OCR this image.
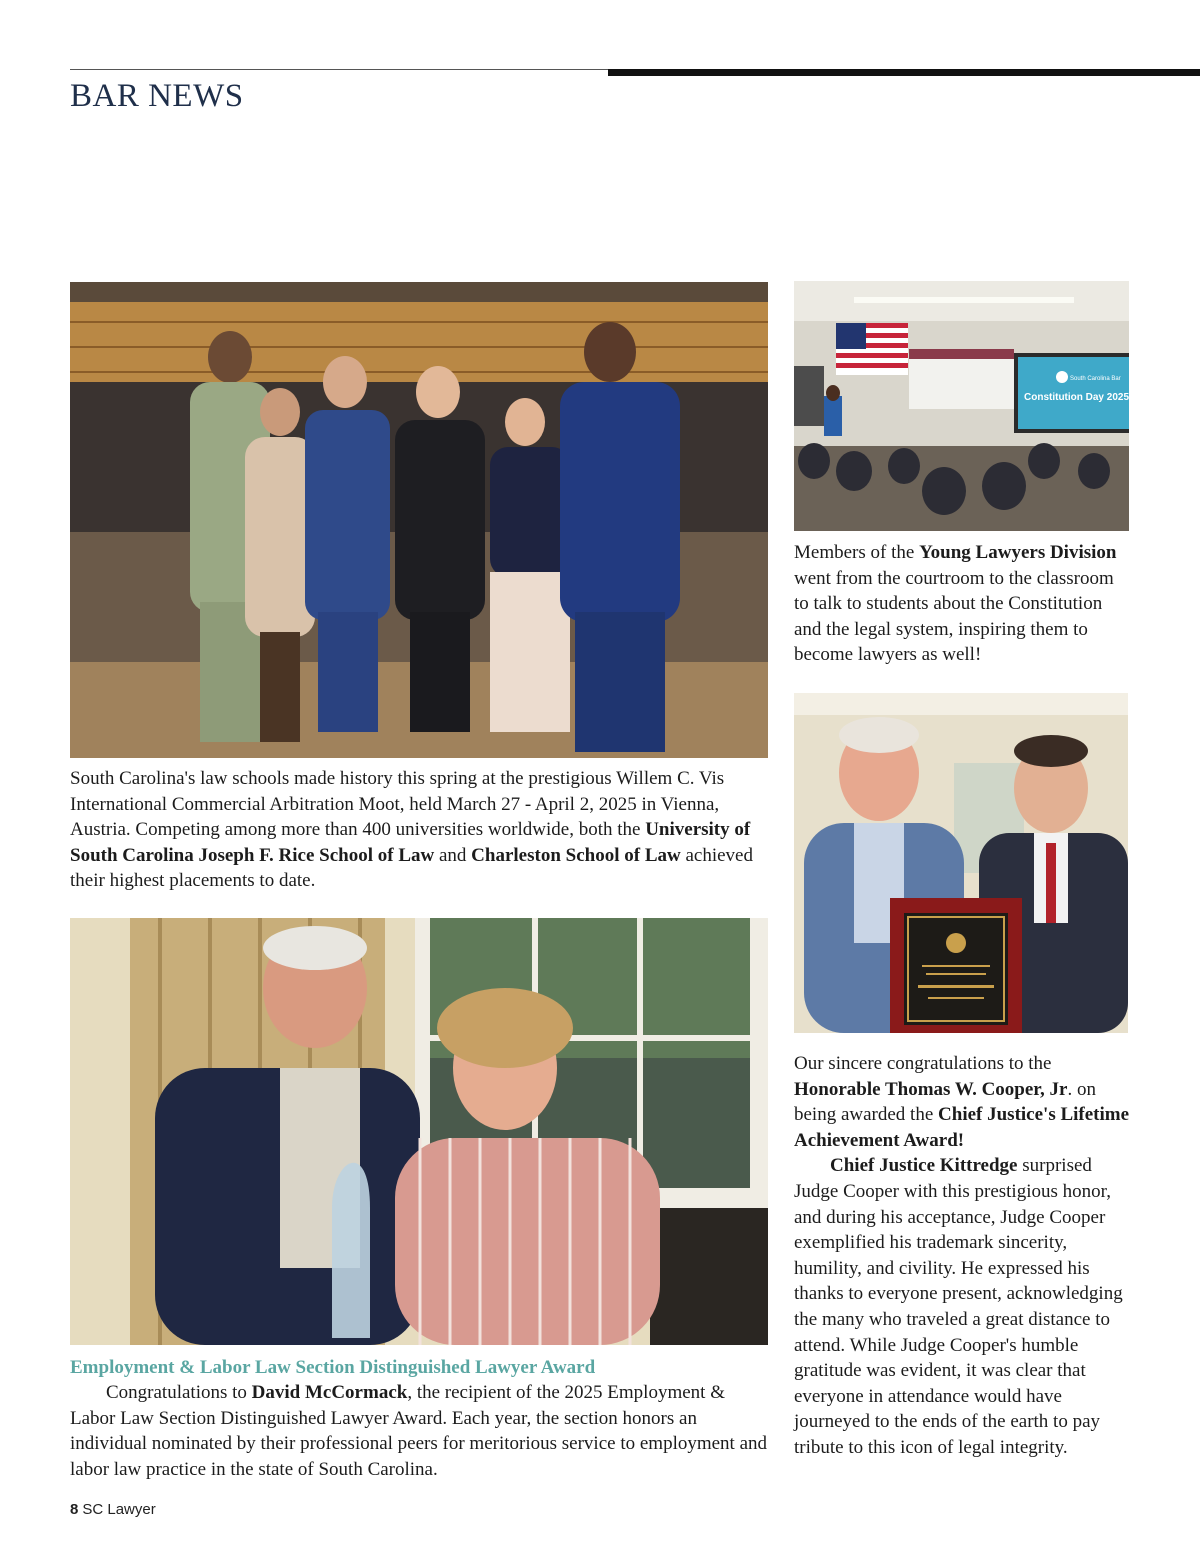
BAR NEWS

South Carolina's law schools made history this spring at the prestigious Willem C. Vis International Commercial Arbitration Moot, held March 27 - April 2, 2025 in Vienna, Austria. Competing among more than 400 universities worldwide, both the University of South Carolina Joseph F. Rice School of Law and Charleston School of Law achieved their highest placements to date.

South Carolina Bar
Constitution Day 2025

Members of the Young Lawyers Division went from the courtroom to the classroom to talk to students about the Constitution and the legal system, inspiring them to become lawyers as well!

Our sincere congratulations to the Honorable Thomas W. Cooper, Jr. on being awarded the Chief Justice's Lifetime Achievement Award!
Chief Justice Kittredge surprised Judge Cooper with this prestigious honor, and during his acceptance, Judge Cooper exemplified his trademark sincerity, humility, and civility. He expressed his thanks to everyone present, acknowledging the many who traveled a great distance to attend. While Judge Cooper's humble gratitude was evident, it was clear that everyone in attendance would have journeyed to the ends of the earth to pay tribute to this icon of legal integrity.
Employment & Labor Law Section Distinguished Lawyer Award

Congratulations to David McCormack, the recipient of the 2025 Employment & Labor Law Section Distinguished Lawyer Award. Each year, the section honors an individual nominated by their professional peers for meritorious service to employment and labor law practice in the state of South Carolina.

8 SC Lawyer
